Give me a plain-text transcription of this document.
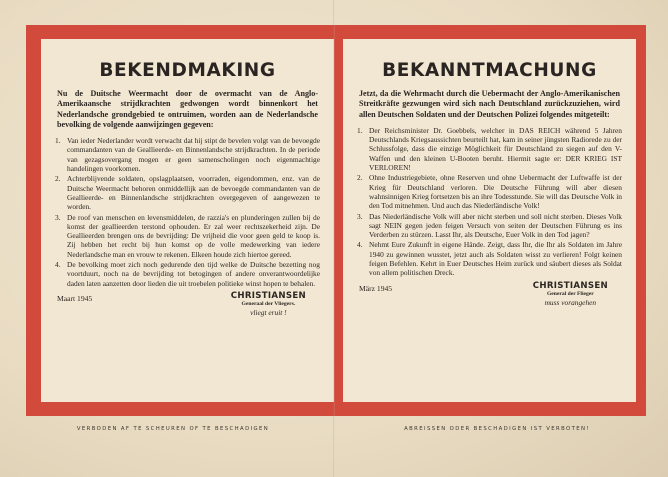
BEKENDMAKING
Nu de Duitsche Weermacht door de overmacht van de Anglo-Amerikaansche strijdkrachten gedwongen wordt binnenkort het Nederlandsche grondgebied te ontruimen, worden aan de Nederlandsche bevolking de volgende aanwijzingen gegeven:
1. Van ieder Nederlander wordt verwacht dat hij stipt de bevelen volgt van de bevoegde commandanten van de Geallieerde- en Binnenlandsche strijdkrachten. In de periode van gezagsovergang mogen er geen samenscholingen noch eigenmachtige handelingen voorkomen.
2. Achterblijvende soldaten, opslagplaatsen, voorraden, eigendommen, enz. van de Duitsche Weermacht behoren onmiddellijk aan de bevoegde commandanten van de Geallieerde- en Binnenlandsche strijdkrachten overgegeven of aangewezen te worden.
3. De roof van menschen en levensmiddelen, de razzia's en plunderingen zullen bij de komst der geallieerden terstond ophouden. Er zal weer rechtszekerheid zijn. De Geallieerden brengen ons de bevrijding: De vrijheid die voor geen geld te koop is. Zij hebben het recht bij hun komst op de volle medewerking van iedere Nederlandsche man en vrouw te rekenen. Elkeen houde zich hiertoe gereed.
4. De bevolking moet zich noch gedurende den tijd welke de Duitsche bezetting nog voortduurt, noch na de bevrijding tot betogingen of andere onverantwoordelijke daden laten aanzetten door lieden die uit troebelen politieke winst hopen te behalen.
Maart 1945	CHRISTIANSEN
Generaal der Vliegers.
vliegt eruit !
BEKANNTMACHUNG
Jetzt, da die Wehrmacht durch die Uebermacht der Anglo-Amerikanischen Streitkräfte gezwungen wird sich nach Deutschland zurückzuziehen, wird allen Deutschen Soldaten und der Deutschen Polizei folgendes mitgeteilt:
1. Der Reichsminister Dr. Goebbels, welcher in DAS REICH während 5 Jahren Deutschlands Kriegsaussichten beurteilt hat, kam in seiner jüngsten Radiorede zu der Schlussfolge, dass die einzige Möglichkeit für Deutschland zu siegen auf den V-Waffen und den kleinen U-Booten beruht. Hiermit sagte er: DER KRIEG IST VERLOREN!
2. Ohne Industriegebiete, ohne Reserven und ohne Uebermacht der Luftwaffe ist der Krieg für Deutschland verloren. Die Deutsche Führung will aber diesen wahnsinnigen Krieg fortsetzen bis an ihre Todesstunde. Sie will das Deutsche Volk in den Tod mitnehmen. Und auch das Niederländische Volk!
3. Das Niederländische Volk will aber nicht sterben und soll nicht sterben. Dieses Volk sagt NEIN gegen jeden feigen Versuch von seiten der Deutschen Führung es ins Verderben zu stürzen. Lasst Ihr, als Deutsche, Euer Volk in den Tod jagen?
4. Nehmt Eure Zukunft in eigene Hände. Zeigt, dass Ihr, die Ihr als Soldaten im Jahre 1940 zu gewinnen wusstet, jetzt auch als Soldaten wisst zu verlieren! Folgt keinen feigen Befehlen. Kehrt in Euer Deutsches Heim zurück und säubert dieses als Soldat von allem politischen Dreck.
März 1945	CHRISTIANSEN
General der Flieger
muss vorangehen
VERBODEN AF TE SCHEUREN OF TE BESCHADIGEN	ABREISSEN ODER BESCHADIGEN IST VERBOTEN!
